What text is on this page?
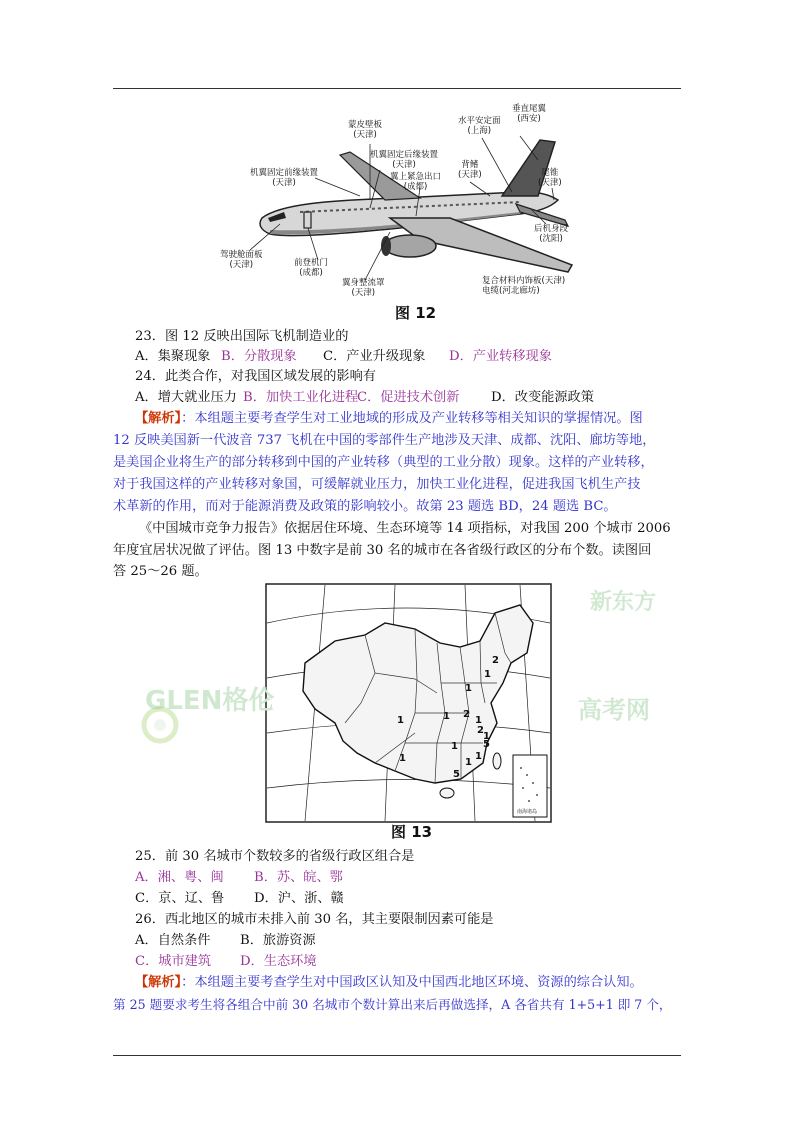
蒙皮壁板
(天津)
机翼固定后缘装置
(天津)
机翼固定前缘装置
(天津)
翼上紧急出口
(成都)
水平安定面
(上海)
垂直尾翼
(西安)
背鳍
(天津)	尾锥
(天津)
后机身段
(沈阳)
驾驶舱面板
(天津)	前登机门
(成都)
翼身整流罩
(天津)
复合材料内饰板(天津)
电缆(河北廊坊)
图 12
23．图 12 反映出国际飞机制造业的
A．集聚现象 B．分散现象 C．产业升级现象 D．产业转移现象
24．此类合作，对我国区域发展的影响有
A．增大就业压力 B．加快工业化进程
C．促进技术创新 D．改变能源政策
【解析】：本组题主要考查学生对工业地域的形成及产业转移等相关知识的掌握情况。图
12 反映美国新一代波音 737 飞机在中国的零部件生产地涉及天津、成都、沈阳、廊坊等地，
是美国企业将生产的部分转移到中国的产业转移（典型的工业分散）现象。这样的产业转移，
对于我国这样的产业转移对象国，可缓解就业压力，加快工业化进程，促进我国飞机生产技
术革新的作用，而对于能源消费及政策的影响较小。故第 23 题选 BD，24 题选 BC。
《中国城市竞争力报告》依据居住环境、生态环境等 14 项指标，对我国 200 个城市 2006
年度宜居状况做了评估。图 13 中数字是前 30 名的城市在各省级行政区的分布个数。读图回
答 25～26 题。
2
1
1
1	1 2
1
1
2
5
1
1
5
1
1
南海诸岛
图 13
25．前 30 名城市个数较多的省级行政区组合是
A．湘、粤、闽 B．苏、皖、鄂
C．京、辽、鲁 D．沪、浙、赣
26．西北地区的城市未排入前 30 名，其主要限制因素可能是
A．自然条件 B．旅游资源
C．城市建筑 D．生态环境
【解析】：本组题主要考查学生对中国政区认知及中国西北地区环境、资源的综合认知。
第 25 题要求考生将各组合中前 30 名城市个数计算出来后再做选择，A 各省共有 1+5+1 即 7 个，
GLEN格伦	高考网
新东方
